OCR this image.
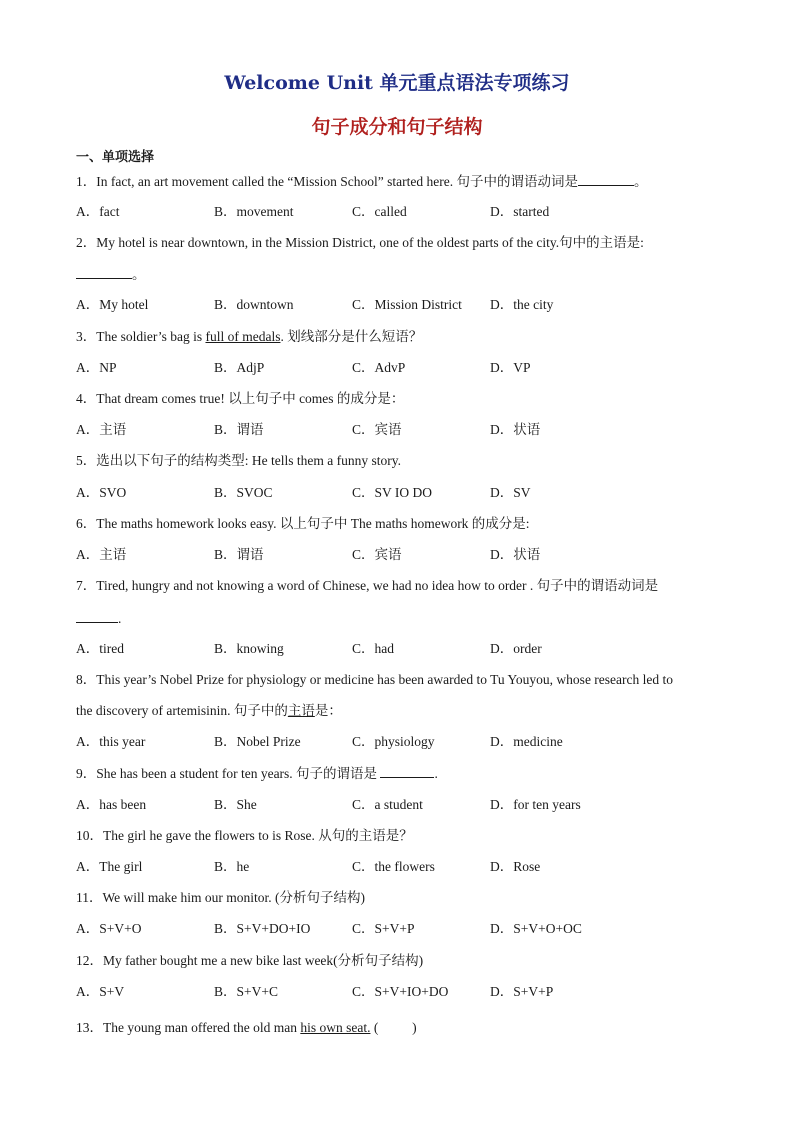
Welcome Unit 单元重点语法专项练习
句子成分和句子结构
一、单项选择
1．In fact, an art movement called the “Mission School” started here. 句子中的谓语动词是	。
A．fact	B．movement	C．called	D．started
2．My hotel is near downtown, in the Mission District, one of the oldest parts of the city.句中的主语是:
。
A．My hotel	B．downtown	C．Mission District D．the city
3．The soldier’s bag is full of medals. 划线部分是什么短语？
A．NP	B．AdjP	C．AdvP	D．VP
4．That dream comes true! 以上句子中 comes 的成分是：
A．主语	B．谓语	C．宾语	D．状语
5．选出以下句子的结构类型: He tells them a funny story.
A．SVO	B．SVOC	C．SV IO DO	D．SV
6．The maths homework looks easy. 以上句子中 The maths homework 的成分是:
A．主语	B．谓语	C．宾语	D．状语
7．Tired, hungry and not knowing a word of Chinese, we had no idea how to order . 句子中的谓语动词是
.
A．tired	B．knowing	C．had	D．order
8．This year’s Nobel Prize for physiology or medicine has been awarded to Tu Youyou, whose research led to
the discovery of artemisinin. 句子中的主语是：
A．this year	B．Nobel Prize	C．physiology	D．medicine
9．She has been a student for ten years. 句子的谓语是	.
A．has been	B．She	C．a student	D．for ten years
10．The girl he gave the flowers to is Rose. 从句的主语是？
A．The girl	B．he	C．the flowers	D．Rose
11．We will make him our monitor. (分析句子结构)
A．S+V+O	B．S+V+DO+IO	C．S+V+P	D．S+V+O+OC
12．My father bought me a new bike last week(分析句子结构)
A．S+V	B．S+V+C	C．S+V+IO+DO	D．S+V+P
13．The young man offered the old man his own seat. (          )
